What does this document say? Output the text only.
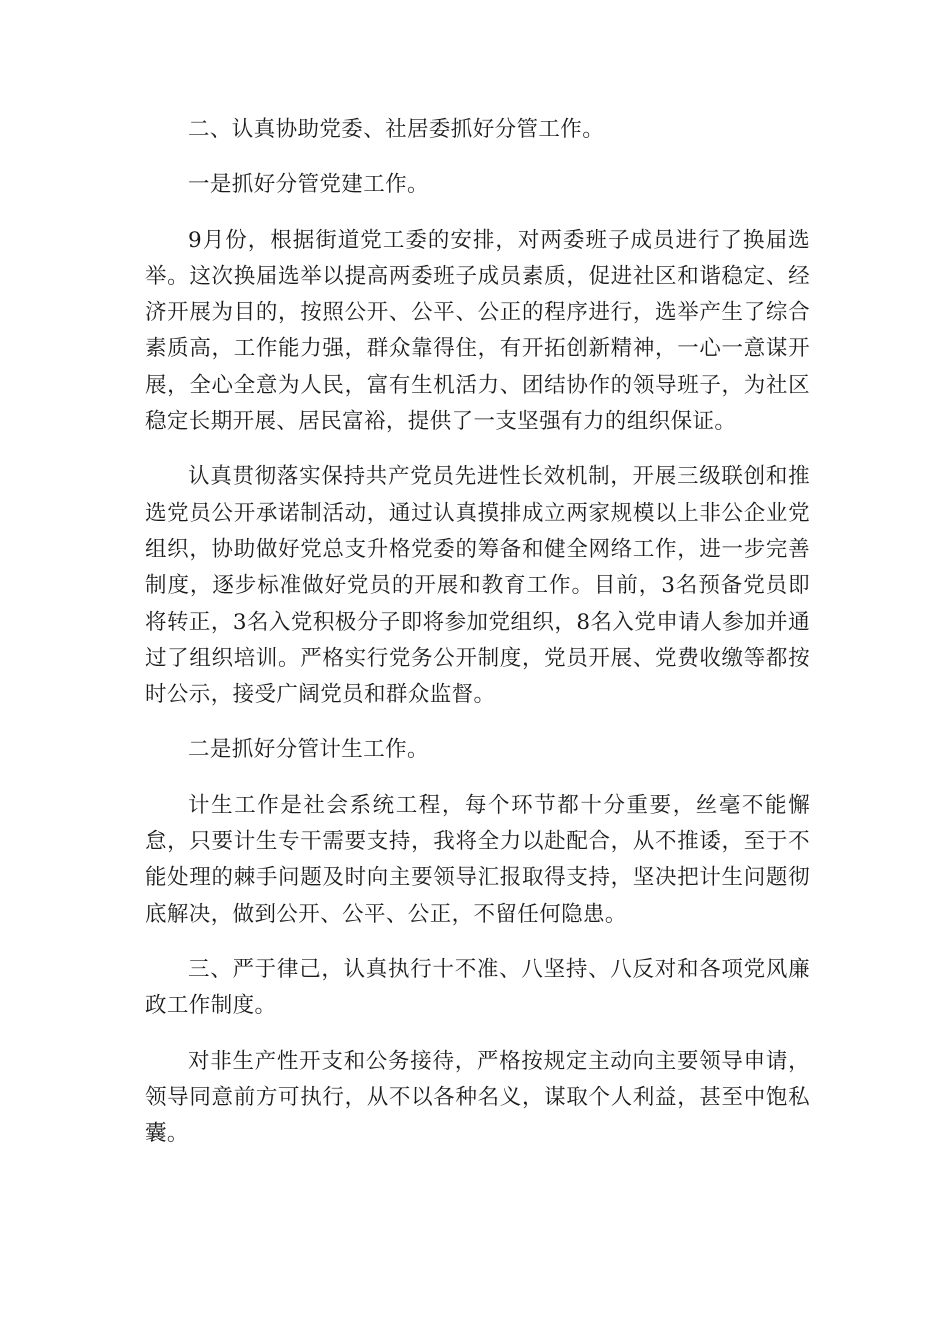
二、认真协助党委、社居委抓好分管工作。

一是抓好分管党建工作。

9月份，根据街道党工委的安排，对两委班子成员进行了换届选举。这次换届选举以提高两委班子成员素质，促进社区和谐稳定、经济开展为目的，按照公开、公平、公正的程序进行，选举产生了综合素质高，工作能力强，群众靠得住，有开拓创新精神，一心一意谋开展，全心全意为人民，富有生机活力、团结协作的领导班子，为社区稳定长期开展、居民富裕，提供了一支坚强有力的组织保证。

认真贯彻落实保持共产党员先进性长效机制，开展三级联创和推选党员公开承诺制活动，通过认真摸排成立两家规模以上非公企业党组织，协助做好党总支升格党委的筹备和健全网络工作，进一步完善制度，逐步标准做好党员的开展和教育工作。目前，3名预备党员即将转正，3名入党积极分子即将参加党组织，8名入党申请人参加并通过了组织培训。严格实行党务公开制度，党员开展、党费收缴等都按时公示，接受广阔党员和群众监督。

二是抓好分管计生工作。

计生工作是社会系统工程，每个环节都十分重要，丝毫不能懈怠，只要计生专干需要支持，我将全力以赴配合，从不推诿，至于不能处理的棘手问题及时向主要领导汇报取得支持，坚决把计生问题彻底解决，做到公开、公平、公正，不留任何隐患。

三、严于律己，认真执行十不准、八坚持、八反对和各项党风廉政工作制度。

对非生产性开支和公务接待，严格按规定主动向主要领导申请，领导同意前方可执行，从不以各种名义，谋取个人利益，甚至中饱私囊。
